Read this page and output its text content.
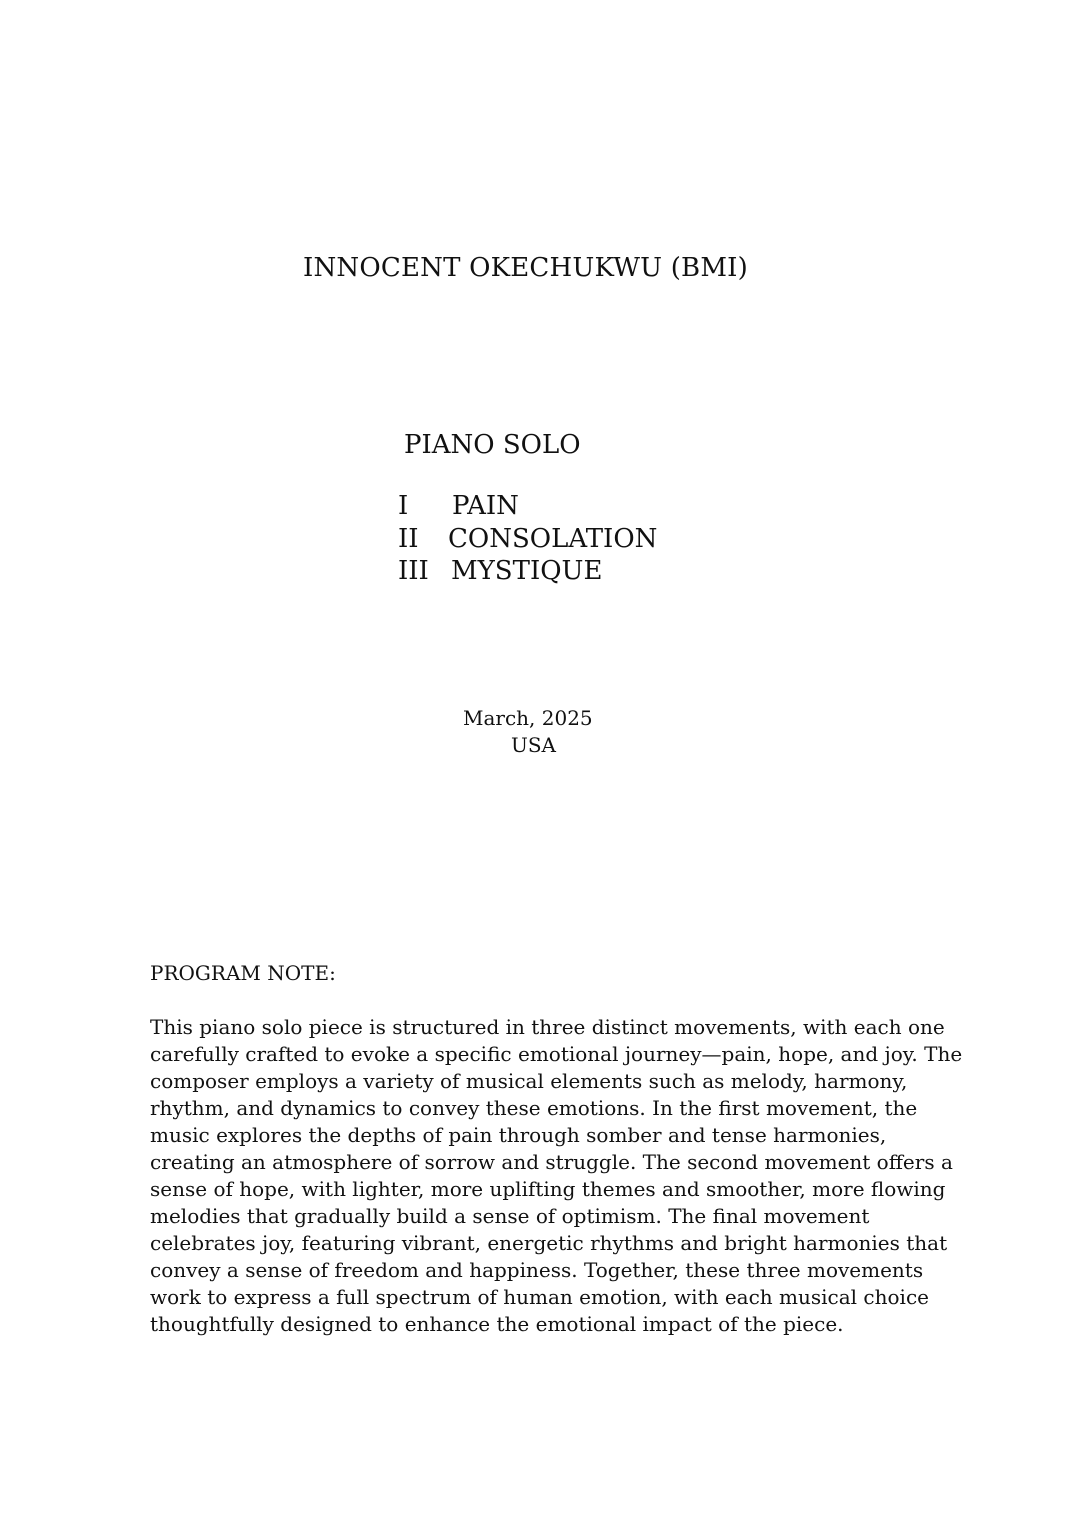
INNOCENT OKECHUKWU (BMI)
PIANO SOLO
I PAIN
II CONSOLATION
III MYSTIQUE
March, 2025
USA
PROGRAM NOTE:
This piano solo piece is structured in three distinct movements, with each one
carefully crafted to evoke a specific emotional journey—pain, hope, and joy. The
composer employs a variety of musical elements such as melody, harmony,
rhythm, and dynamics to convey these emotions. In the first movement, the
music explores the depths of pain through somber and tense harmonies,
creating an atmosphere of sorrow and struggle. The second movement offers a
sense of hope, with lighter, more uplifting themes and smoother, more flowing
melodies that gradually build a sense of optimism. The final movement
celebrates joy, featuring vibrant, energetic rhythms and bright harmonies that
convey a sense of freedom and happiness. Together, these three movements
work to express a full spectrum of human emotion, with each musical choice
thoughtfully designed to enhance the emotional impact of the piece.
